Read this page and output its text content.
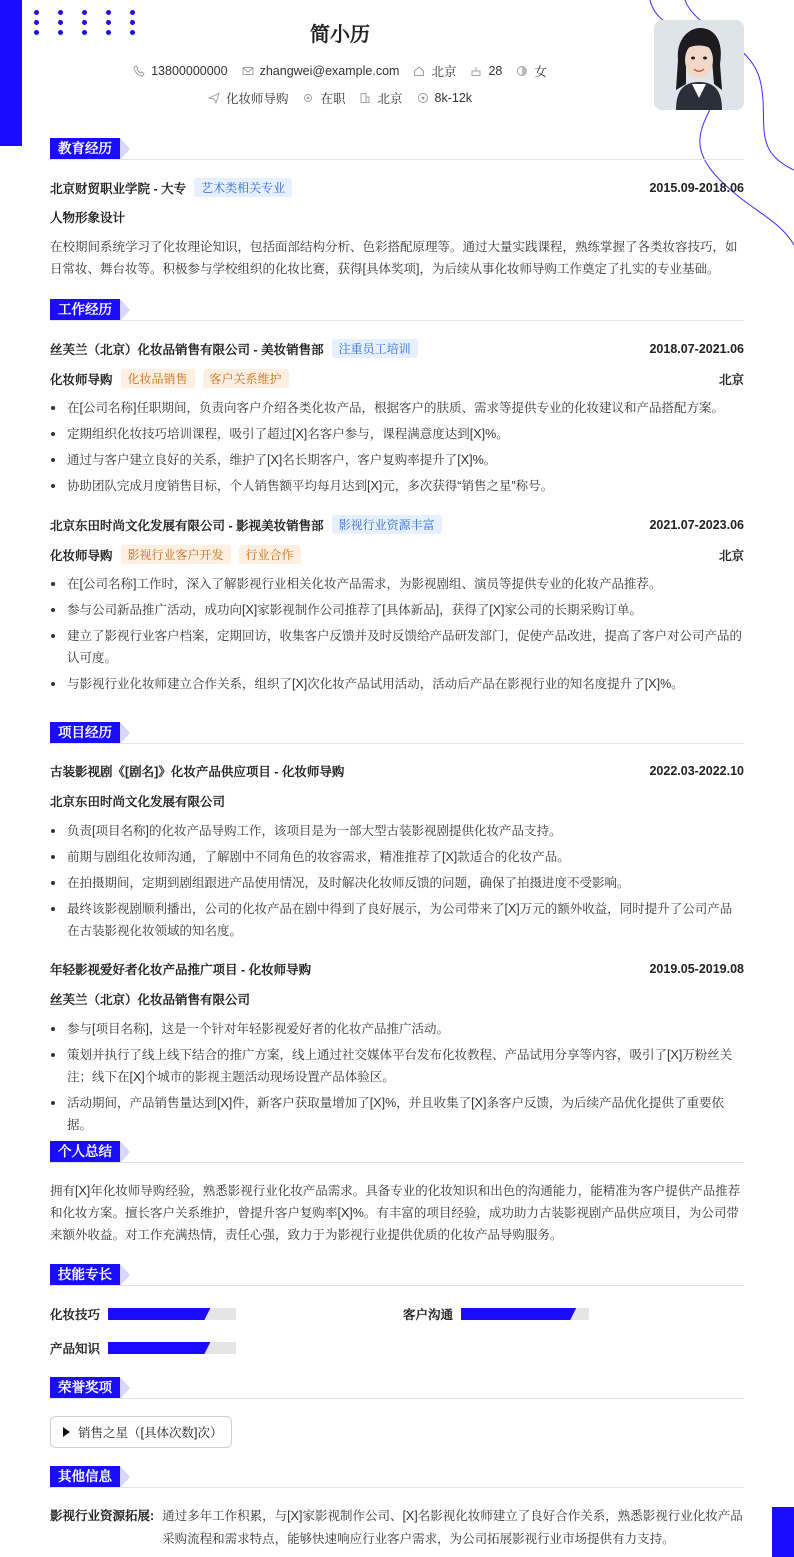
简小历
13800000000	zhangwei@example.com	北京	28	女
化妆师导购	在职	北京	8k-12k
教育经历
北京财贸职业学院 - 大专	艺术类相关专业	2015.09-2018.06
人物形象设计
在校期间系统学习了化妆理论知识，包括面部结构分析、色彩搭配原理等。通过大量实践课程，熟练掌握了各类妆容技巧，如日常妆、舞台妆等。积极参与学校组织的化妆比赛，获得[具体奖项]，为后续从事化妆师导购工作奠定了扎实的专业基础。
工作经历
丝芙兰（北京）化妆品销售有限公司 - 美妆销售部	注重员工培训	2018.07-2021.06
化妆师导购	化妆品销售	客户关系维护	北京
在[公司名称]任职期间，负责向客户介绍各类化妆产品，根据客户的肤质、需求等提供专业的化妆建议和产品搭配方案。
定期组织化妆技巧培训课程，吸引了超过[X]名客户参与，课程满意度达到[X]%。
通过与客户建立良好的关系，维护了[X]名长期客户，客户复购率提升了[X]%。
协助团队完成月度销售目标，个人销售额平均每月达到[X]元，多次获得“销售之星”称号。
北京东田时尚文化发展有限公司 - 影视美妆销售部	影视行业资源丰富	2021.07-2023.06
化妆师导购	影视行业客户开发	行业合作	北京
在[公司名称]工作时，深入了解影视行业相关化妆产品需求，为影视剧组、演员等提供专业的化妆产品推荐。
参与公司新品推广活动，成功向[X]家影视制作公司推荐了[具体新品]，获得了[X]家公司的长期采购订单。
建立了影视行业客户档案，定期回访，收集客户反馈并及时反馈给产品研发部门，促使产品改进，提高了客户对公司产品的认可度。
与影视行业化妆师建立合作关系，组织了[X]次化妆产品试用活动，活动后产品在影视行业的知名度提升了[X]%。
项目经历
古装影视剧《[剧名]》化妆产品供应项目 - 化妆师导购	2022.03-2022.10
北京东田时尚文化发展有限公司
负责[项目名称]的化妆产品导购工作，该项目是为一部大型古装影视剧提供化妆产品支持。
前期与剧组化妆师沟通，了解剧中不同角色的妆容需求，精准推荐了[X]款适合的化妆产品。
在拍摄期间，定期到剧组跟进产品使用情况，及时解决化妆师反馈的问题，确保了拍摄进度不受影响。
最终该影视剧顺利播出，公司的化妆产品在剧中得到了良好展示，为公司带来了[X]万元的额外收益，同时提升了公司产品在古装影视化妆领域的知名度。
年轻影视爱好者化妆产品推广项目 - 化妆师导购	2019.05-2019.08
丝芙兰（北京）化妆品销售有限公司
参与[项目名称]，这是一个针对年轻影视爱好者的化妆产品推广活动。
策划并执行了线上线下结合的推广方案，线上通过社交媒体平台发布化妆教程、产品试用分享等内容，吸引了[X]万粉丝关注；线下在[X]个城市的影视主题活动现场设置产品体验区。
活动期间，产品销售量达到[X]件，新客户获取量增加了[X]%，并且收集了[X]条客户反馈，为后续产品优化提供了重要依据。
个人总结
拥有[X]年化妆师导购经验，熟悉影视行业化妆产品需求。具备专业的化妆知识和出色的沟通能力，能精准为客户提供产品推荐和化妆方案。擅长客户关系维护，曾提升客户复购率[X]%。有丰富的项目经验，成功助力古装影视剧产品供应项目，为公司带来额外收益。对工作充满热情，责任心强，致力于为影视行业提供优质的化妆产品导购服务。
技能专长
化妆技巧	客户沟通
产品知识
荣誉奖项
销售之星（[具体次数]次）
其他信息
影视行业资源拓展: 通过多年工作积累，与[X]家影视制作公司、[X]名影视化妆师建立了良好合作关系，熟悉影视行业化妆产品采购流程和需求特点，能够快速响应行业客户需求，为公司拓展影视行业市场提供有力支持。
